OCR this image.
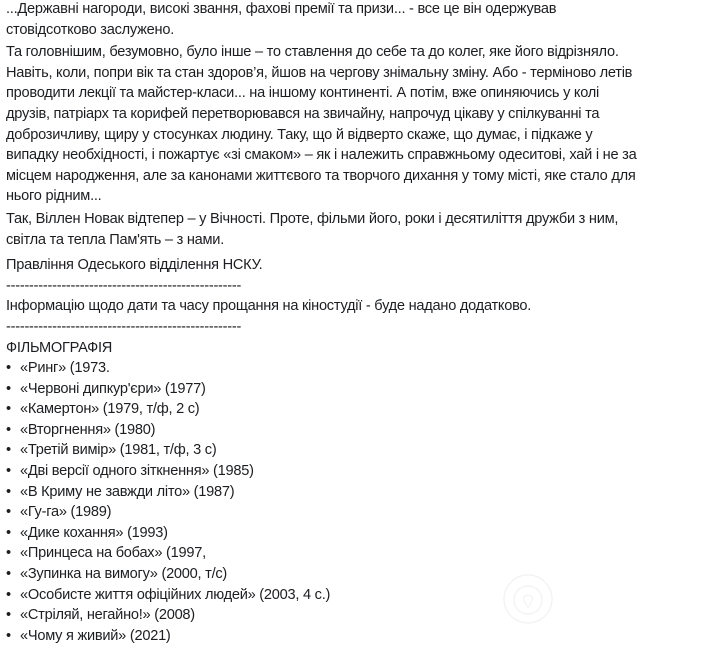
...Державні нагороди, високі звання, фахові премії та призи... - все це він одержував
стовідсотково заслужено.
Та головнішим, безумовно, було інше – то ставлення до себе та до колег, яке його відрізняло.
Навіть, коли, попри вік та стан здоров’я, йшов на чергову знімальну зміну. Або - терміново летів
проводити лекції та майстер-класи... на іншому континенті. А потім, вже опиняючись у колі
друзів, патріарх та корифей перетворювався на звичайну, напрочуд цікаву у спілкуванні та
доброзичливу, щиру у стосунках людину. Таку, що й відверто скаже, що думає, і підкаже у
випадку необхідності, і пожартує «зі смаком» – як і належить справжньому одеситові, хай і не за
місцем народження, але за канонами життєвого та творчого дихання у тому місті, яке стало для
нього рідним...
Так, Віллен Новак відтепер – у Вічності. Проте, фільми його, роки і десятиліття дружби з ним,
світла та тепла Пам'ять – з нами.
Правління Одеського відділення НСКУ.
---------------------------------------------------
Інформацію щодо дати та часу прощання на кіностудії - буде надано додатково.
---------------------------------------------------
ФІЛЬМОГРАФІЯ
• «Ринг» (1973.
• «Червоні дипкур'єри» (1977)
• «Камертон» (1979, т/ф, 2 с)
• «Вторгнення» (1980)
• «Третій вимір» (1981, т/ф, 3 с)
• «Дві версії одного зіткнення» (1985)
• «В Криму не завжди літо» (1987)
• «Гу-га» (1989)
• «Дике кохання» (1993)
• «Принцеса на бобах» (1997,
• «Зупинка на вимогу» (2000, т/с)
• «Особисте життя офіційних людей» (2003, 4 с.)
• «Стріляй, негайно!» (2008)
• «Чому я живий» (2021)
